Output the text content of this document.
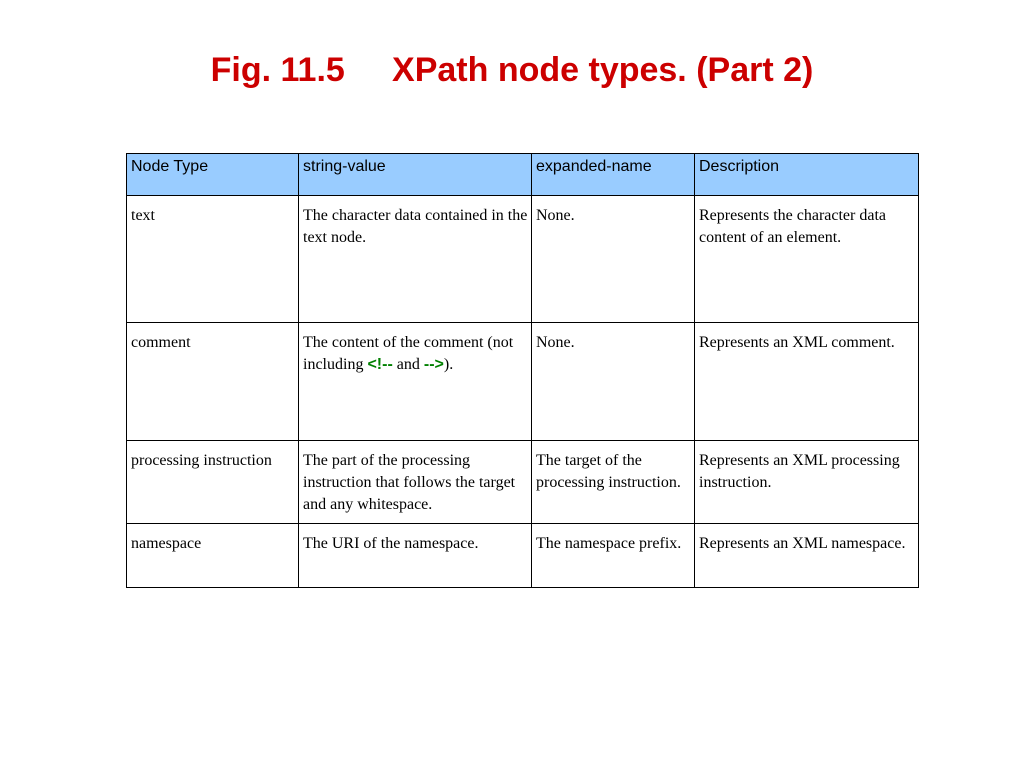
Fig. 11.5     XPath node types. (Part 2)
Node Type	string-value	expanded-name	Description
text	The character data contained in the text node.	None.	Represents the character data content of an element.
comment	The content of the comment (not including <!-- and -->).	None.	Represents an XML comment.
processing instruction	The part of the processing instruction that follows the target and any whitespace.	The target of the processing instruction.	Represents an XML processing instruction.
namespace	The URI of the namespace.	The namespace prefix.	Represents an XML namespace.
